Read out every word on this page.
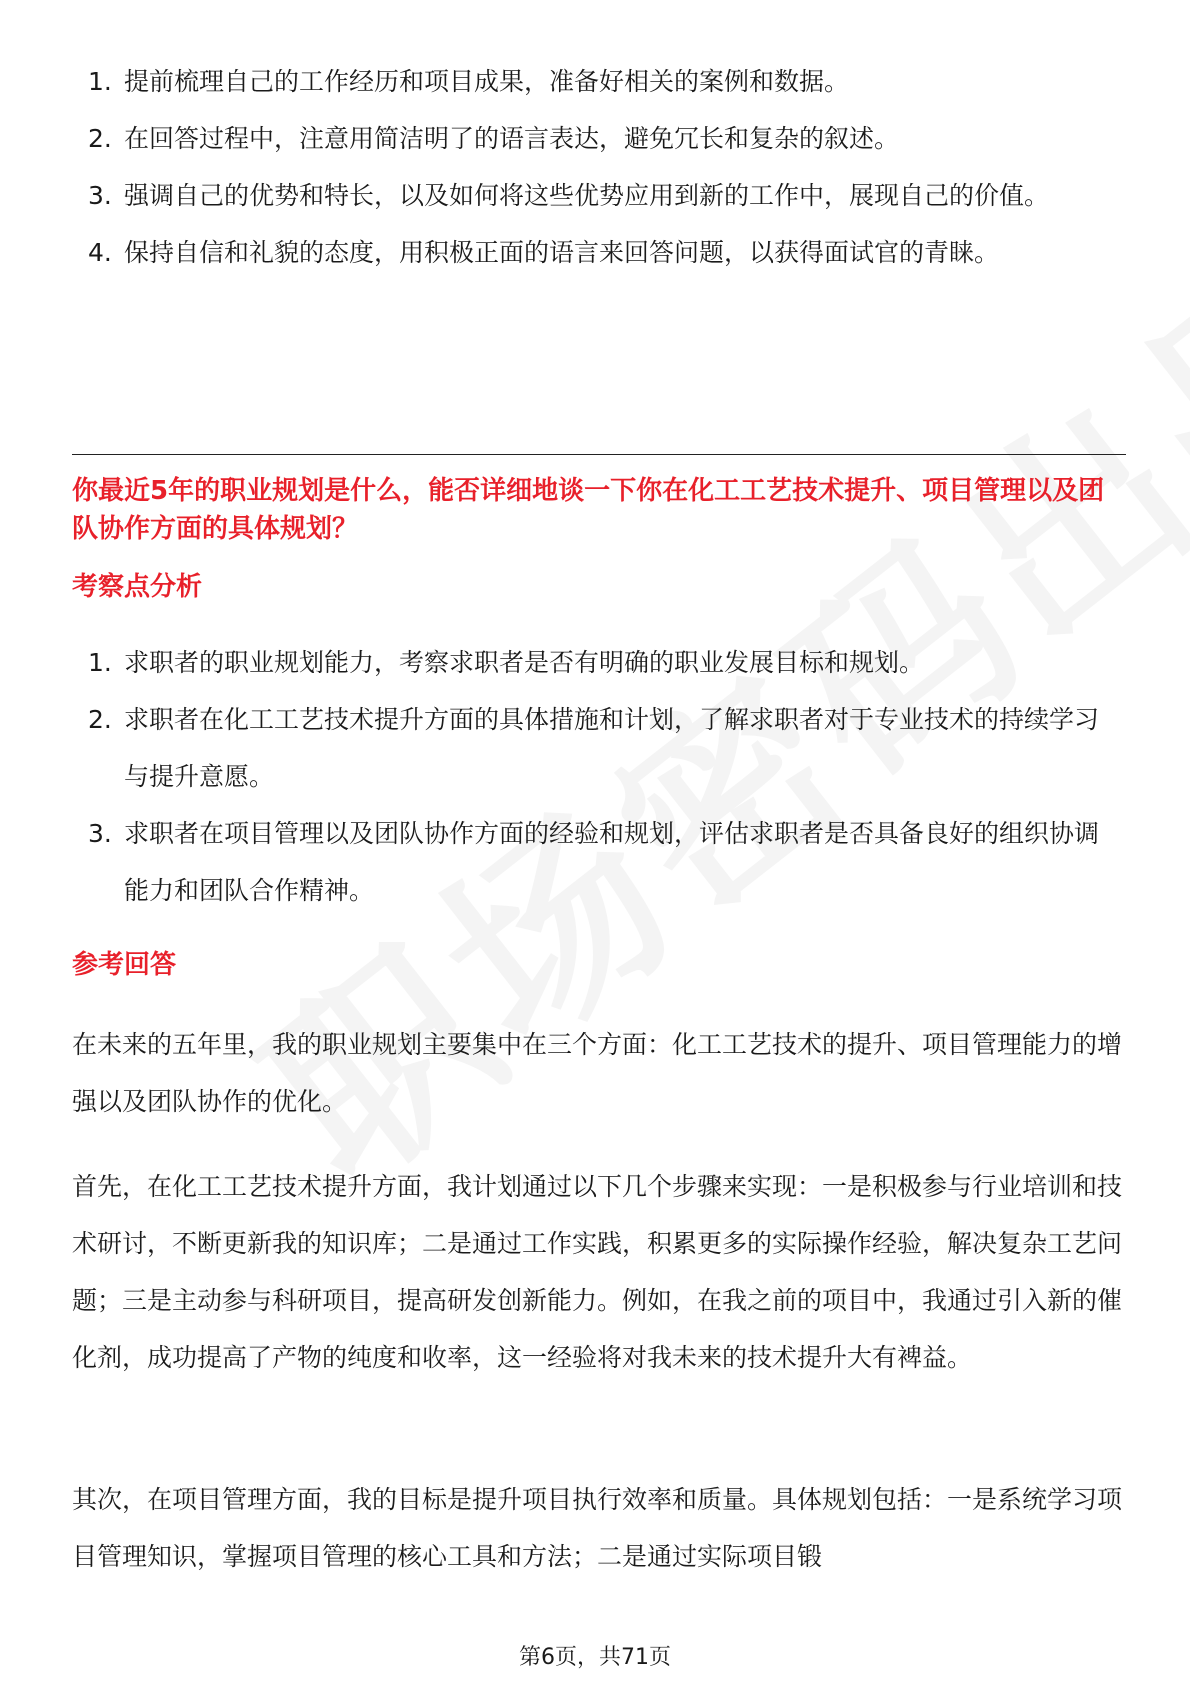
1. 提前梳理自己的工作经历和项目成果，准备好相关的案例和数据。
2. 在回答过程中，注意用简洁明了的语言表达，避免冗长和复杂的叙述。
3. 强调自己的优势和特长，以及如何将这些优势应用到新的工作中，展现自己的价值。
4. 保持自信和礼貌的态度，用积极正面的语言来回答问题，以获得面试官的青睐。
你最近5年的职业规划是什么，能否详细地谈一下你在化工工艺技术提升、项目管理以及团队协作方面的具体规划？
考察点分析
1. 求职者的职业规划能力，考察求职者是否有明确的职业发展目标和规划。
2. 求职者在化工工艺技术提升方面的具体措施和计划，了解求职者对于专业技术的持续学习与提升意愿。
3. 求职者在项目管理以及团队协作方面的经验和规划，评估求职者是否具备良好的组织协调能力和团队合作精神。
参考回答

在未来的五年里，我的职业规划主要集中在三个方面：化工工艺技术的提升、项目管理能力的增强以及团队协作的优化。

首先，在化工工艺技术提升方面，我计划通过以下几个步骤来实现：一是积极参与行业培训和技术研讨，不断更新我的知识库；二是通过工作实践，积累更多的实际操作经验，解决复杂工艺问题；三是主动参与科研项目，提高研发创新能力。例如，在我之前的项目中，我通过引入新的催化剂，成功提高了产物的纯度和收率，这一经验将对我未来的技术提升大有裨益。

其次，在项目管理方面，我的目标是提升项目执行效率和质量。具体规划包括：一是系统学习项目管理知识，掌握项目管理的核心工具和方法；二是通过实际项目锻

第6页，共71页
